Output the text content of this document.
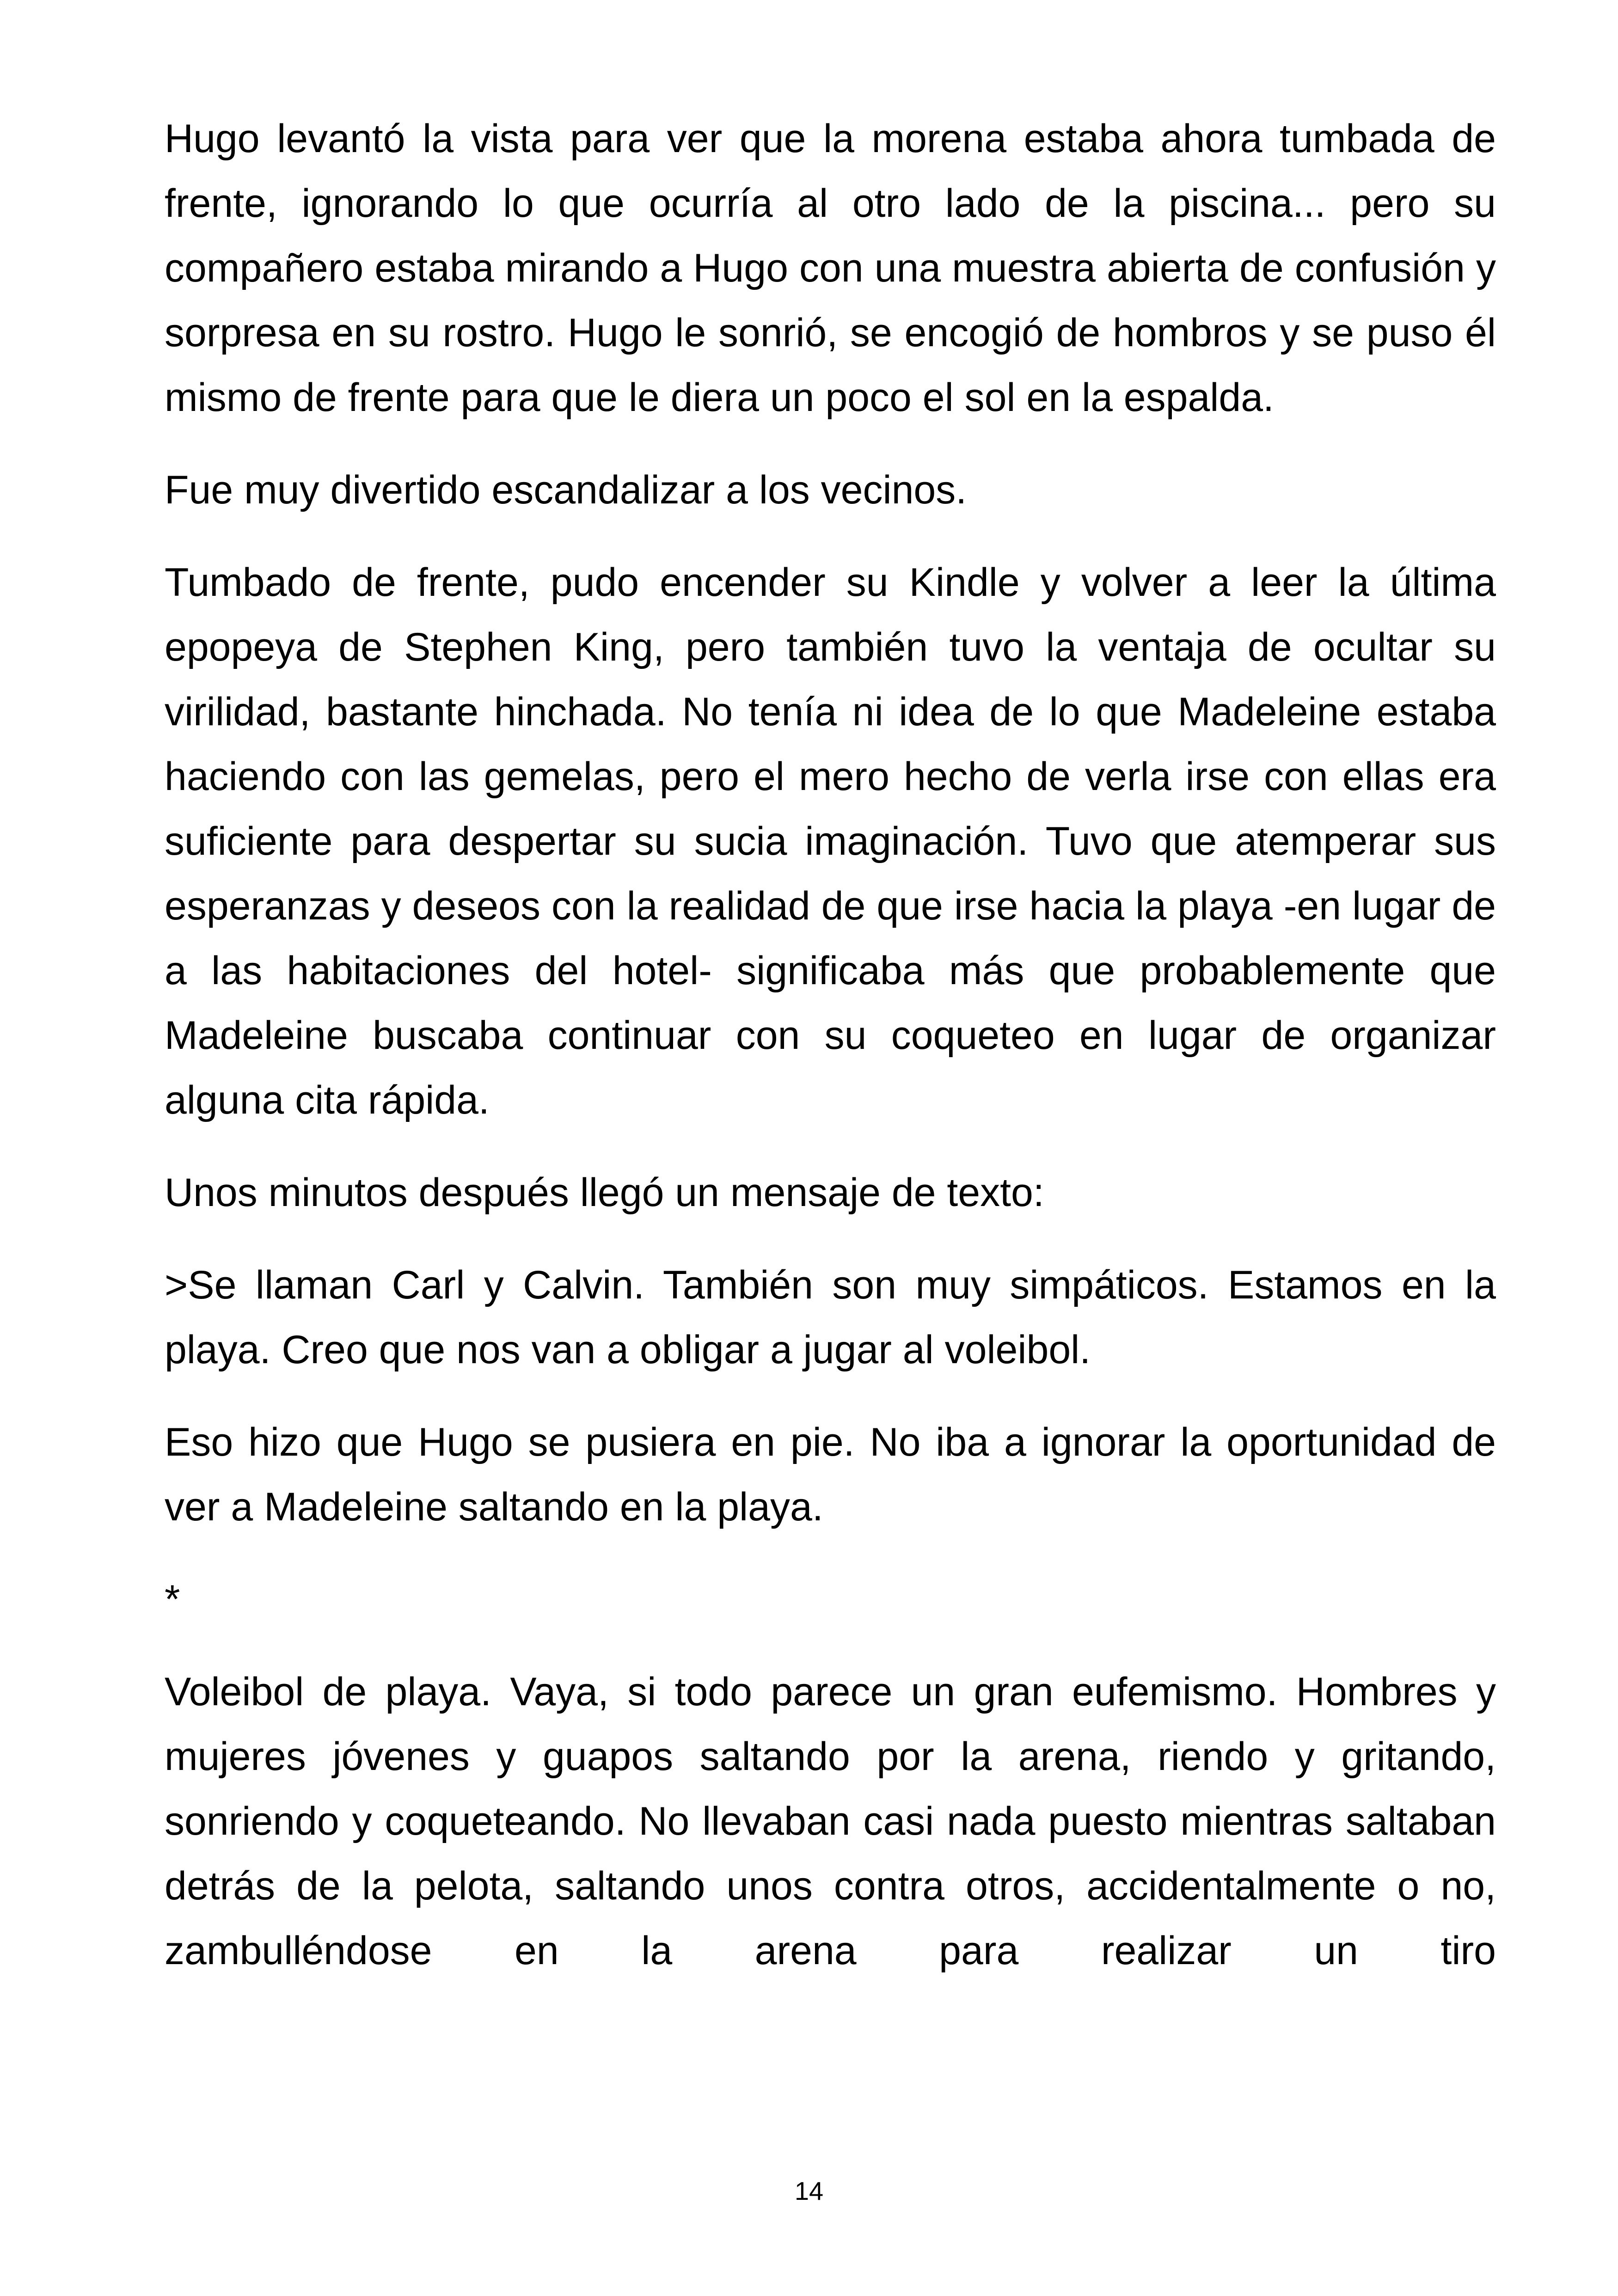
Hugo levantó la vista para ver que la morena estaba ahora tumbada de frente, ignorando lo que ocurría al otro lado de la piscina... pero su compañero estaba mirando a Hugo con una muestra abierta de confusión y sorpresa en su rostro. Hugo le sonrió, se encogió de hombros y se puso él mismo de frente para que le diera un poco el sol en la espalda.

Fue muy divertido escandalizar a los vecinos.

Tumbado de frente, pudo encender su Kindle y volver a leer la última epopeya de Stephen King, pero también tuvo la ventaja de ocultar su virilidad, bastante hinchada. No tenía ni idea de lo que Madeleine estaba haciendo con las gemelas, pero el mero hecho de verla irse con ellas era suficiente para despertar su sucia imaginación. Tuvo que atemperar sus esperanzas y deseos con la realidad de que irse hacia la playa -en lugar de a las habitaciones del hotel- significaba más que probablemente que Madeleine buscaba continuar con su coqueteo en lugar de organizar alguna cita rápida.

Unos minutos después llegó un mensaje de texto:

>Se llaman Carl y Calvin. También son muy simpáticos. Estamos en la playa. Creo que nos van a obligar a jugar al voleibol.

Eso hizo que Hugo se pusiera en pie. No iba a ignorar la oportunidad de ver a Madeleine saltando en la playa.

*

Voleibol de playa. Vaya, si todo parece un gran eufemismo. Hombres y mujeres jóvenes y guapos saltando por la arena, riendo y gritando, sonriendo y coqueteando. No llevaban casi nada puesto mientras saltaban detrás de la pelota, saltando unos contra otros, accidentalmente o no, zambulléndose en la arena para realizar un tiro

14
